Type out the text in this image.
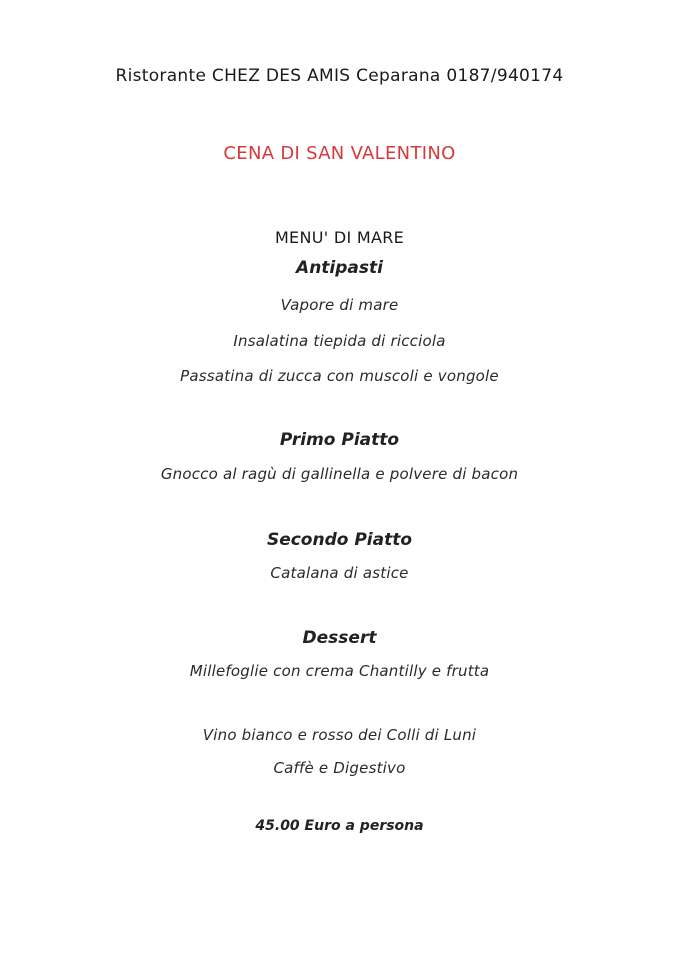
Ristorante CHEZ DES AMIS Ceparana 0187/940174
CENA DI SAN VALENTINO
MENU' DI MARE
Antipasti
Vapore di mare
Insalatina tiepida di ricciola
Passatina di zucca con muscoli e vongole
Primo Piatto
Gnocco al ragù di gallinella e polvere di bacon
Secondo Piatto
Catalana di astice
Dessert
Millefoglie con crema Chantilly e frutta
Vino bianco e rosso dei Colli di Luni
Caffè e Digestivo
45.00 Euro a persona
